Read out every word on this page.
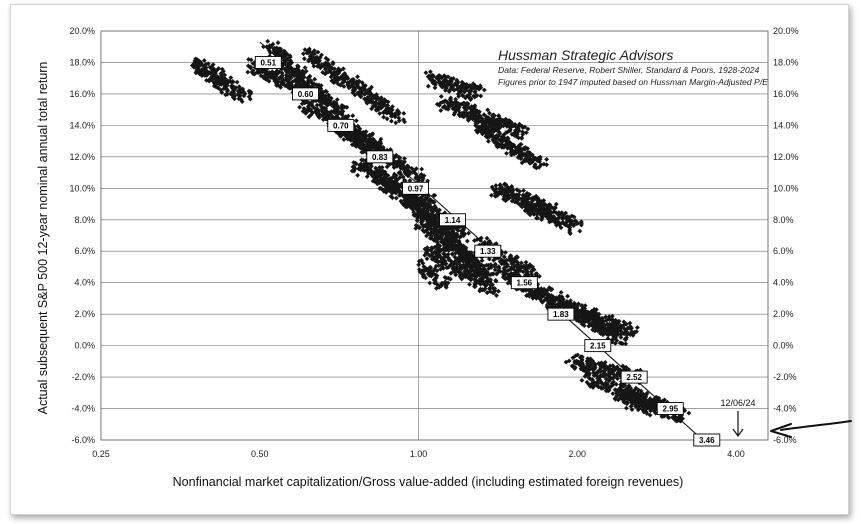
0.51
0.60
0.70
0.83
0.97
1.14
1.33
1.56
1.83
2.15
2.52
2.95
3.46
20.0%	20.0%
18.0%	18.0%
16.0%	16.0%
14.0%	14.0%
12.0%	12.0%
10.0%	10.0%
8.0%	8.0%
6.0%	6.0%
4.0%	4.0%
2.0%	2.0%
0.0%	0.0%
-2.0%	-2.0%
-4.0%	-4.0%
-6.0%	-6.0%
0.25	0.50	1.00	2.00	4.00
Nonfinancial market capitalization/Gross value-added (including estimated foreign revenues)
Actual subsequent S&P 500 12-year nominal annual total return
Hussman Strategic Advisors
Data: Federal Reserve, Robert Shiller, Standard & Poors, 1928-2024
Figures prior to 1947 imputed based on Hussman Margin-Adjusted P/E
12/06/24
